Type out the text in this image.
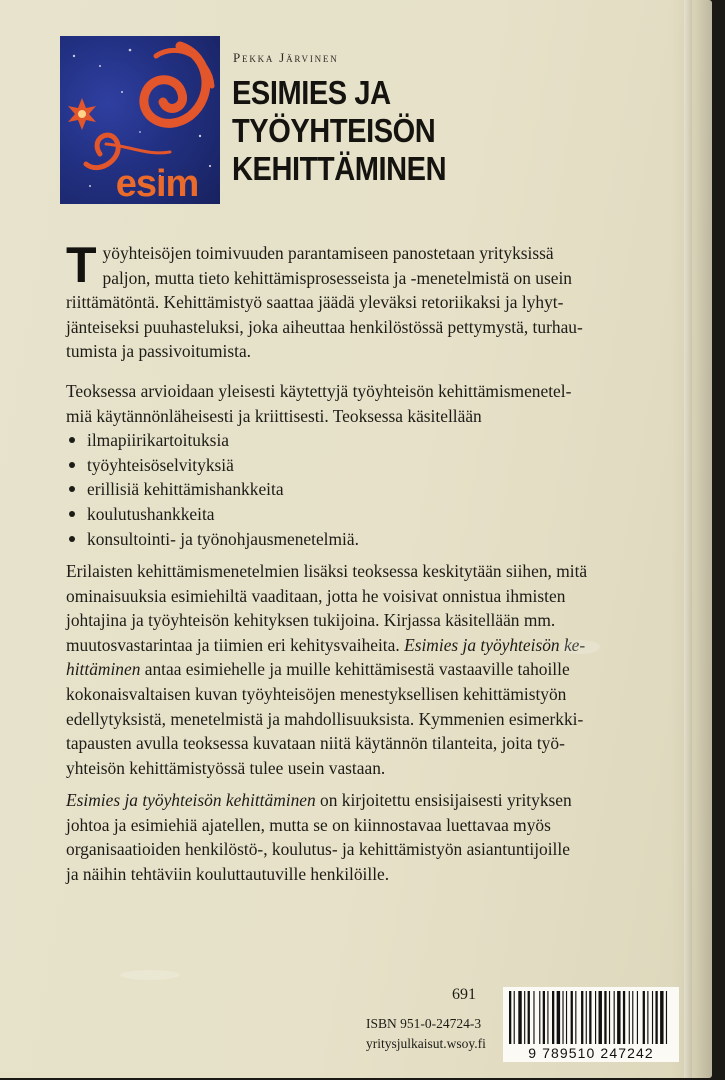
esim
Pekka Järvinen
ESIMIES JA
TYÖYHTEISÖN
KEHITTÄMINEN
T yöyhteisöjen toimivuuden parantamiseen panostetaan yrityksissä
paljon, mutta tieto kehittämisprosesseista ja -menetelmistä on usein
riittämätöntä. Kehittämistyö saattaa jäädä yleväksi retoriikaksi ja lyhyt-
jänteiseksi puuhasteluksi, joka aiheuttaa henkilöstössä pettymystä, turhau-
tumista ja passivoitumista.
Teoksessa arvioidaan yleisesti käytettyjä työyhteisön kehittämismenetel-
miä käytännönläheisesti ja kriittisesti. Teoksessa käsitellään
ilmapiirikartoituksia
työyhteisöselvityksiä
erillisiä kehittämishankkeita
koulutushankkeita
konsultointi- ja työnohjausmenetelmiä.
Erilaisten kehittämismenetelmien lisäksi teoksessa keskitytään siihen, mitä
ominaisuuksia esimiehiltä vaaditaan, jotta he voisivat onnistua ihmisten
johtajina ja työyhteisön kehityksen tukijoina. Kirjassa käsitellään mm.
muutosvastarintaa ja tiimien eri kehitysvaiheita. Esimies ja työyhteisön ke-
hittäminen antaa esimiehelle ja muille kehittämisestä vastaaville tahoille
kokonaisvaltaisen kuvan työyhteisöjen menestyksellisen kehittämistyön
edellytyksistä, menetelmistä ja mahdollisuuksista. Kymmenien esimerkki-
tapausten avulla teoksessa kuvataan niitä käytännön tilanteita, joita työ-
yhteisön kehittämistyössä tulee usein vastaan.
Esimies ja työyhteisön kehittäminen on kirjoitettu ensisijaisesti yrityksen
johtoa ja esimiehiä ajatellen, mutta se on kiinnostavaa luettavaa myös
organisaatioiden henkilöstö-, koulutus- ja kehittämistyön asiantuntijoille
ja näihin tehtäviin kouluttautuville henkilöille.
691
ISBN 951-0-24724-3
yritysjulkaisut.wsoy.fi
9 789510 247242
